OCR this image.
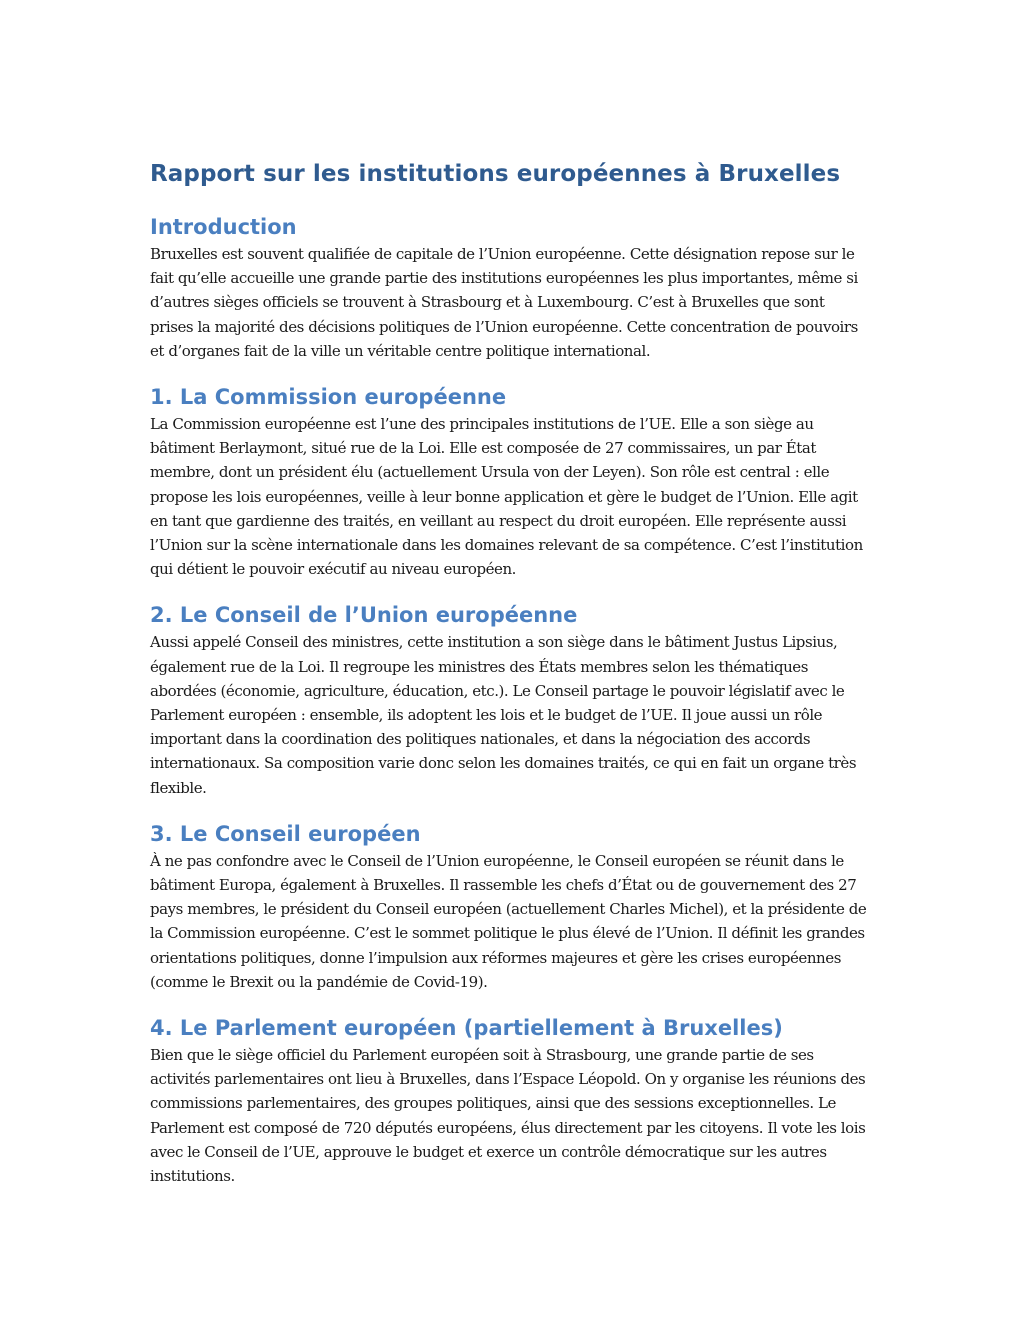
Rapport sur les institutions européennes à Bruxelles
Introduction

Bruxelles est souvent qualifiée de capitale de l’Union européenne. Cette désignation repose sur le fait qu’elle accueille une grande partie des institutions européennes les plus importantes, même si d’autres sièges officiels se trouvent à Strasbourg et à Luxembourg. C’est à Bruxelles que sont prises la majorité des décisions politiques de l’Union européenne. Cette concentration de pouvoirs et d’organes fait de la ville un véritable centre politique international.

1. La Commission européenne

La Commission européenne est l’une des principales institutions de l’UE. Elle a son siège au bâtiment Berlaymont, situé rue de la Loi. Elle est composée de 27 commissaires, un par État membre, dont un président élu (actuellement Ursula von der Leyen). Son rôle est central : elle propose les lois européennes, veille à leur bonne application et gère le budget de l’Union. Elle agit en tant que gardienne des traités, en veillant au respect du droit européen. Elle représente aussi l’Union sur la scène internationale dans les domaines relevant de sa compétence. C’est l’institution qui détient le pouvoir exécutif au niveau européen.

2. Le Conseil de l’Union européenne

Aussi appelé Conseil des ministres, cette institution a son siège dans le bâtiment Justus Lipsius, également rue de la Loi. Il regroupe les ministres des États membres selon les thématiques abordées (économie, agriculture, éducation, etc.). Le Conseil partage le pouvoir législatif avec le Parlement européen : ensemble, ils adoptent les lois et le budget de l’UE. Il joue aussi un rôle important dans la coordination des politiques nationales, et dans la négociation des accords internationaux. Sa composition varie donc selon les domaines traités, ce qui en fait un organe très flexible.

3. Le Conseil européen

À ne pas confondre avec le Conseil de l’Union européenne, le Conseil européen se réunit dans le bâtiment Europa, également à Bruxelles. Il rassemble les chefs d’État ou de gouvernement des 27 pays membres, le président du Conseil européen (actuellement Charles Michel), et la présidente de la Commission européenne. C’est le sommet politique le plus élevé de l’Union. Il définit les grandes orientations politiques, donne l’impulsion aux réformes majeures et gère les crises européennes (comme le Brexit ou la pandémie de Covid-19).

4. Le Parlement européen (partiellement à Bruxelles)

Bien que le siège officiel du Parlement européen soit à Strasbourg, une grande partie de ses activités parlementaires ont lieu à Bruxelles, dans l’Espace Léopold. On y organise les réunions des commissions parlementaires, des groupes politiques, ainsi que des sessions exceptionnelles. Le Parlement est composé de 720 députés européens, élus directement par les citoyens. Il vote les lois avec le Conseil de l’UE, approuve le budget et exerce un contrôle démocratique sur les autres institutions.
